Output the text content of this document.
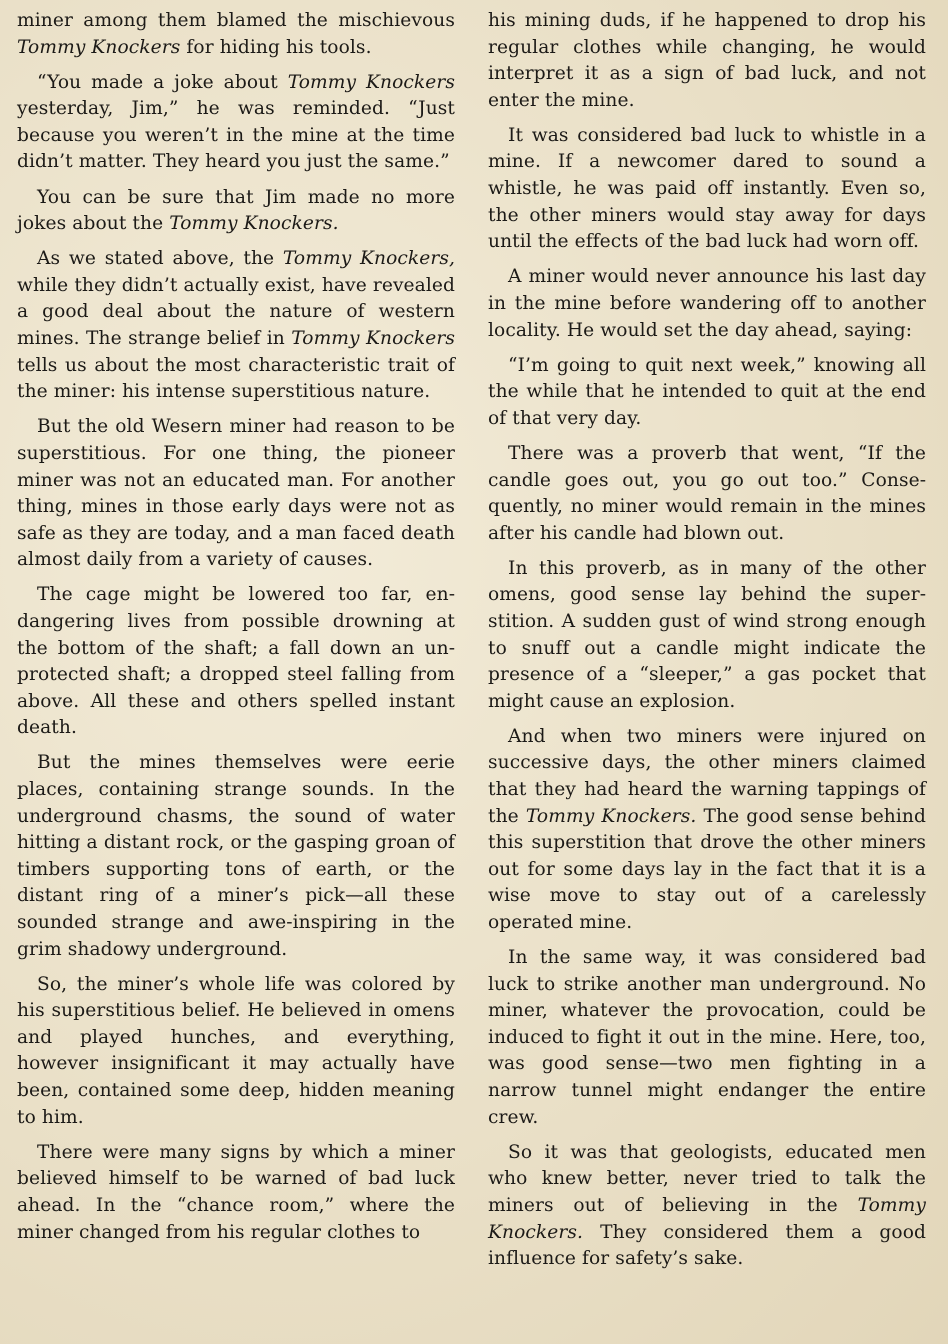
miner among them blamed the mischievous Tommy Knockers for hiding his tools.

“You made a joke about Tommy Knockers yesterday, Jim,” he was reminded. “Just because you weren’t in the mine at the time didn’t matter. They heard you just the same.”

You can be sure that Jim made no more jokes about the Tommy Knockers.

As we stated above, the Tommy Knockers, while they didn’t actually exist, have revealed a good deal about the nature of western mines. The strange belief in Tommy Knockers tells us about the most characteristic trait of the miner: his intense superstitious nature.

But the old Wesern miner had reason to be superstitious. For one thing, the pioneer miner was not an educated man. For another thing, mines in those early days were not as safe as they are today, and a man faced death almost daily from a variety of causes.

The cage might be lowered too far, endangering lives from possible drowning at the bottom of the shaft; a fall down an unprotected shaft; a dropped steel falling from above. All these and others spelled instant death.

But the mines themselves were eerie places, containing strange sounds. In the underground chasms, the sound of water hitting a distant rock, or the gasping groan of timbers supporting tons of earth, or the distant ring of a miner’s pick—all these sounded strange and awe-inspiring in the grim shadowy underground.

So, the miner’s whole life was colored by his superstitious belief. He believed in omens and played hunches, and everything, however insignificant it may actually have been, contained some deep, hidden meaning to him.

There were many signs by which a miner believed himself to be warned of bad luck ahead. In the “chance room,” where the miner changed from his regular clothes to

his mining duds, if he happened to drop his regular clothes while changing, he would interpret it as a sign of bad luck, and not enter the mine.

It was considered bad luck to whistle in a mine. If a newcomer dared to sound a whistle, he was paid off instantly. Even so, the other miners would stay away for days until the effects of the bad luck had worn off.

A miner would never announce his last day in the mine before wandering off to another locality. He would set the day ahead, saying:

“I’m going to quit next week,” knowing all the while that he intended to quit at the end of that very day.

There was a proverb that went, “If the candle goes out, you go out too.” Consequently, no miner would remain in the mines after his candle had blown out.

In this proverb, as in many of the other omens, good sense lay behind the superstition. A sudden gust of wind strong enough to snuff out a candle might indicate the presence of a “sleeper,” a gas pocket that might cause an explosion.

And when two miners were injured on successive days, the other miners claimed that they had heard the warning tappings of the Tommy Knockers. The good sense behind this superstition that drove the other miners out for some days lay in the fact that it is a wise move to stay out of a carelessly operated mine.

In the same way, it was considered bad luck to strike another man underground. No miner, whatever the provocation, could be induced to fight it out in the mine. Here, too, was good sense—two men fighting in a narrow tunnel might endanger the entire crew.

So it was that geologists, educated men who knew better, never tried to talk the miners out of believing in the Tommy Knockers. They considered them a good influence for safety’s sake.
